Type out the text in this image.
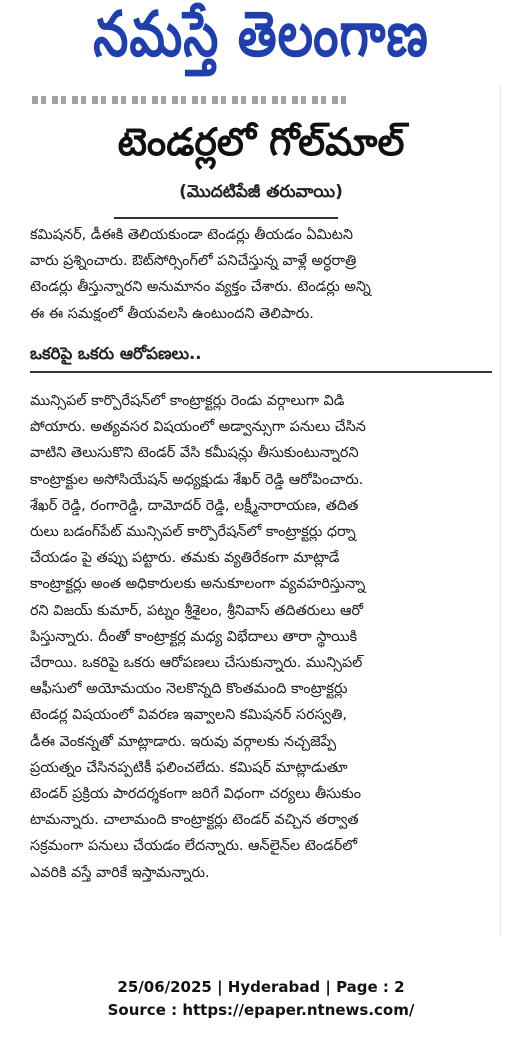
నమస్తే తెలంగాణ
టెండర్లలో గోల్‌మాల్
(మొదటిపేజీ తరువాయి)
కమిషనర్, డీఈకి తెలియకుండా టెండర్లు తీయడం ఏమిటని
వారు ప్రశ్నించారు. ఔట్‌సోర్సింగ్‌లో పనిచేస్తున్న వాళ్లే అర్ధరాత్రి
టెండర్లు తీస్తున్నారని అనుమానం వ్యక్తం చేశారు. టెండర్లు అన్ని
ఈ ఈ సమక్షంలో తీయవలసి ఉంటుందని తెలిపారు.
ఒకరిపై ఒకరు ఆరోపణలు..
మున్సిపల్ కార్పొరేషన్‌లో కాంట్రాక్టర్లు రెండు వర్గాలుగా విడి
పోయారు. అత్యవసర విషయంలో అడ్వాన్సుగా పనులు చేసిన
వాటిని తెలుసుకొని టెండర్ వేసి కమీషన్లు తీసుకుంటున్నారని
కాంట్రాక్టుల అసోసియేషన్ అధ్యక్షుడు శేఖర్ రెడ్డి ఆరోపించారు.
శేఖర్ రెడ్డి, రంగారెడ్డి, దామోదర్ రెడ్డి, లక్ష్మీనారాయణ, తదిత
రులు బడంగ్‌పేట్ మున్సిపల్ కార్పొరేషన్‌లో కాంట్రాక్టర్లు ధర్నా
చేయడం పై తప్పు పట్టారు. తమకు వ్యతిరేకంగా మాట్లాడే
కాంట్రాక్టర్లు అంత అధికారులకు అనుకూలంగా వ్యవహరిస్తున్నా
రని విజయ్ కుమార్, పట్నం శ్రీశైలం, శ్రీనివాస్ తదితరులు ఆరో
పిస్తున్నారు. దీంతో కాంట్రాక్టర్ల మధ్య విభేదాలు తారా స్థాయికి
చేరాయి. ఒకరిపై ఒకరు ఆరోపణలు చేసుకున్నారు. మున్సిపల్
ఆఫీసులో అయోమయం నెలకొన్నది కొంతమంది కాంట్రాక్టర్లు
టెండర్ల విషయంలో వివరణ ఇవ్వాలని కమిషనర్ సరస్వతి,
డీఈ వెంకన్నతో మాట్లాడారు. ఇరువు వర్గాలకు నచ్చజెప్పే
ప్రయత్నం చేసినప్పటికీ ఫలించలేదు. కమిషర్ మాట్లాడుతూ
టెండర్ ప్రక్రియ పారదర్శకంగా జరిగే విధంగా చర్యలు తీసుకుం
టామన్నారు. చాలామంది కాంట్రాక్టర్లు టెండర్ వచ్చిన తర్వాత
సక్రమంగా పనులు చేయడం లేదన్నారు. ఆన్‌లైన్‌ల టెండర్‌లో
ఎవరికి వస్తే వారికే ఇస్తామన్నారు.
25/06/2025 | Hyderabad | Page : 2
Source : https://epaper.ntnews.com/
